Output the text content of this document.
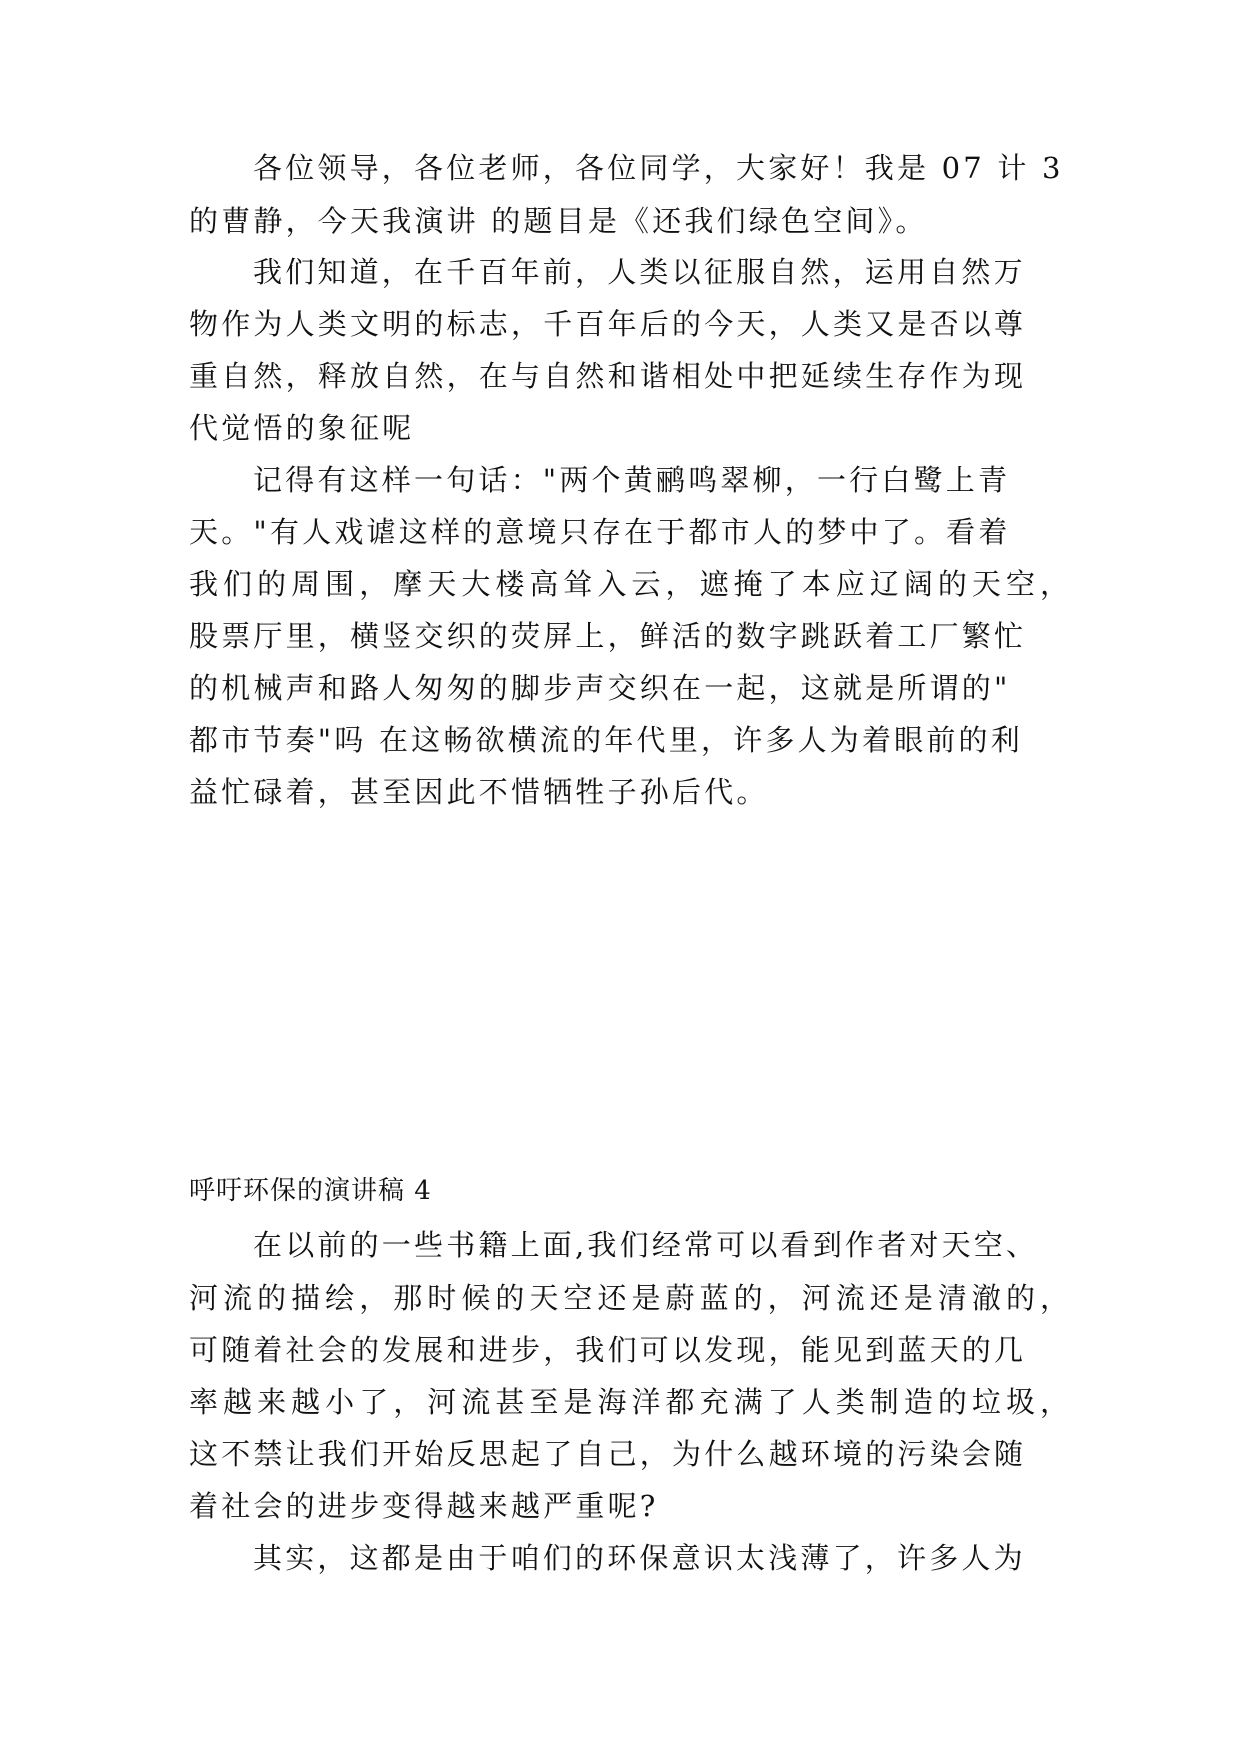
各位领导，各位老师，各位同学，大家好！我是 07 计 3
的曹静，今天我演讲 的题目是《还我们绿色空间》。
我们知道，在千百年前，人类以征服自然，运用自然万
物作为人类文明的标志，千百年后的今天，人类又是否以尊
重自然，释放自然，在与自然和谐相处中把延续生存作为现
代觉悟的象征呢
记得有这样一句话："两个黄鹂鸣翠柳，一行白鹭上青
天。"有人戏谑这样的意境只存在于都市人的梦中了。看着
我们的周围，摩天大楼高耸入云，遮掩了本应辽阔的天空，
股票厅里，横竖交织的荧屏上，鲜活的数字跳跃着工厂繁忙
的机械声和路人匆匆的脚步声交织在一起，这就是所谓的"
都市节奏"吗 在这畅欲横流的年代里，许多人为着眼前的利
益忙碌着，甚至因此不惜牺牲子孙后代。
呼吁环保的演讲稿 4
在以前的一些书籍上面,我们经常可以看到作者对天空、
河流的描绘，那时候的天空还是蔚蓝的，河流还是清澈的，
可随着社会的发展和进步，我们可以发现，能见到蓝天的几
率越来越小了，河流甚至是海洋都充满了人类制造的垃圾，
这不禁让我们开始反思起了自己，为什么越环境的污染会随
着社会的进步变得越来越严重呢?
其实，这都是由于咱们的环保意识太浅薄了，许多人为
